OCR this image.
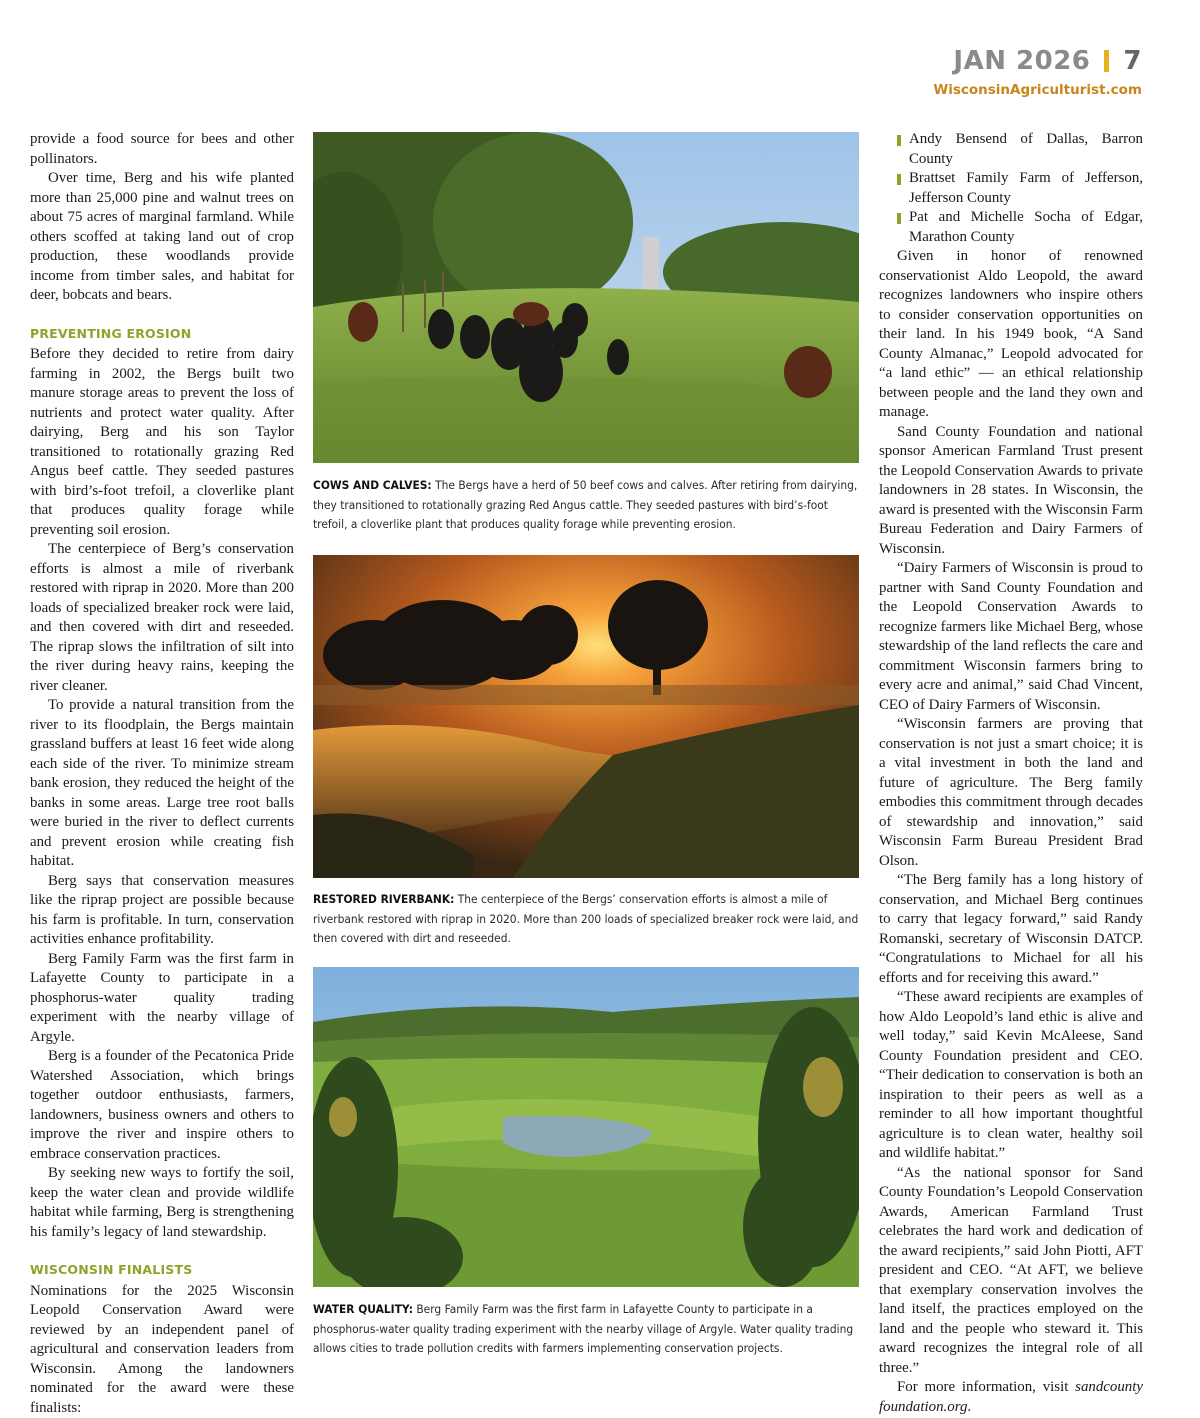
JAN 2026 7
WisconsinAgriculturist.com

provide a food source for bees and other pollinators.

Over time, Berg and his wife planted more than 25,000 pine and walnut trees on about 75 acres of marginal farmland. While others scoffed at taking land out of crop production, these woodlands provide income from timber sales, and habitat for deer, bobcats and bears.

PREVENTING EROSION

Before they decided to retire from dairy farming in 2002, the Bergs built two manure storage areas to prevent the loss of nutrients and protect water quality. After dairying, Berg and his son Taylor transitioned to rotationally grazing Red Angus beef cattle. They seeded pastures with bird’s-foot trefoil, a cloverlike plant that produces quality forage while preventing soil erosion.

The centerpiece of Berg’s conservation efforts is almost a mile of riverbank restored with riprap in 2020. More than 200 loads of specialized breaker rock were laid, and then covered with dirt and reseeded. The riprap slows the infiltration of silt into the river during heavy rains, keeping the river cleaner.

To provide a natural transition from the river to its floodplain, the Bergs maintain grassland buffers at least 16 feet wide along each side of the river. To minimize stream bank erosion, they reduced the height of the banks in some areas. Large tree root balls were buried in the river to deflect currents and prevent erosion while creating fish habitat.

Berg says that conservation measures like the riprap project are possible because his farm is profitable. In turn, conservation activities enhance profitability.

Berg Family Farm was the first farm in Lafayette County to participate in a phosphorus-water quality trading experiment with the nearby village of Argyle.

Berg is a founder of the Pecatonica Pride Watershed Association, which brings together outdoor enthusiasts, farmers, landowners, business owners and others to improve the river and inspire others to embrace conservation practices.

By seeking new ways to fortify the soil, keep the water clean and provide wildlife habitat while farming, Berg is strengthening his family’s legacy of land stewardship.

WISCONSIN FINALISTS

Nominations for the 2025 Wisconsin Leopold Conservation Award were reviewed by an independent panel of agricultural and conservation leaders from Wisconsin. Among the landowners nominated for the award were these finalists:

COWS AND CALVES: The Bergs have a herd of 50 beef cows and calves. After retiring from dairying, they transitioned to rotationally grazing Red Angus cattle. They seeded pastures with bird’s-foot trefoil, a cloverlike plant that produces quality forage while preventing erosion.
RESTORED RIVERBANK: The centerpiece of the Bergs’ conservation efforts is almost a mile of riverbank restored with riprap in 2020. More than 200 loads of specialized breaker rock were laid, and then covered with dirt and reseeded.
WATER QUALITY: Berg Family Farm was the first farm in Lafayette County to participate in a phosphorus-water quality trading experiment with the nearby village of Argyle. Water quality trading allows cities to trade pollution credits with farmers implementing conservation projects.
Andy Bensend of Dallas, Barron County
Brattset Family Farm of Jefferson, Jefferson County
Pat and Michelle Socha of Edgar, Marathon County

Given in honor of renowned conservationist Aldo Leopold, the award recognizes landowners who inspire others to consider conservation opportunities on their land. In his 1949 book, “A Sand County Almanac,” Leopold advocated for “a land ethic” — an ethical relationship between people and the land they own and manage.

Sand County Foundation and national sponsor American Farmland Trust present the Leopold Conservation Awards to private landowners in 28 states. In Wisconsin, the award is presented with the Wisconsin Farm Bureau Federation and Dairy Farmers of Wisconsin.

“Dairy Farmers of Wisconsin is proud to partner with Sand County Foundation and the Leopold Conservation Awards to recognize farmers like Michael Berg, whose stewardship of the land reflects the care and commitment Wisconsin farmers bring to every acre and animal,” said Chad Vincent, CEO of Dairy Farmers of Wisconsin.

“Wisconsin farmers are proving that conservation is not just a smart choice; it is a vital investment in both the land and future of agriculture. The Berg family embodies this commitment through decades of stewardship and innovation,” said Wisconsin Farm Bureau President Brad Olson.

“The Berg family has a long history of conservation, and Michael Berg continues to carry that legacy forward,” said Randy Romanski, secretary of Wisconsin DATCP. “Congratulations to Michael for all his efforts and for receiving this award.”

“These award recipients are examples of how Aldo Leopold’s land ethic is alive and well today,” said Kevin McAleese, Sand County Foundation president and CEO. “Their dedication to conservation is both an inspiration to their peers as well as a reminder to all how important thoughtful agriculture is to clean water, healthy soil and wildlife habitat.”

“As the national sponsor for Sand County Foundation’s Leopold Conservation Awards, American Farmland Trust celebrates the hard work and dedication of the award recipients,” said John Piotti, AFT president and CEO. “At AFT, we believe that exemplary conservation involves the land itself, the practices employed on the land and the people who steward it. This award recognizes the integral role of all three.”

For more information, visit sandcounty foundation.org.
